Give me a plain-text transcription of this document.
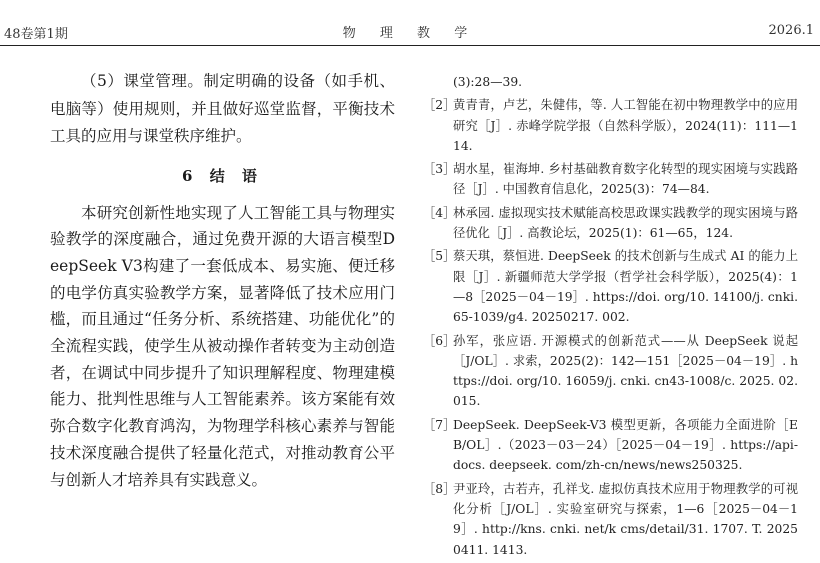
48卷第1期	物 理 教 学	2026.1

（5）课堂管理。制定明确的设备（如手机、电脑等）使用规则，并且做好巡堂监督，平衡技术工具的应用与课堂秩序维护。

6 结 语

本研究创新性地实现了人工智能工具与物理实验教学的深度融合，通过免费开源的大语言模型DeepSeek V3构建了一套低成本、易实施、便迁移的电学仿真实验教学方案，显著降低了技术应用门槛，而且通过“任务分析、系统搭建、功能优化”的全流程实践，使学生从被动操作者转变为主动创造者，在调试中同步提升了知识理解程度、物理建模能力、批判性思维与人工智能素养。该方案能有效弥合数字化教育鸿沟，为物理学科核心素养与智能技术深度融合提供了轻量化范式，对推动教育公平与创新人才培养具有实践意义。

(3):28—39.
［2］
黄青青，卢艺，朱健伟，等. 人工智能在初中物理教学中的应用研究［J］. 赤峰学院学报（自然科学版），2024(11)：111—114.
［3］
胡水星，崔海坤. 乡村基础教育数字化转型的现实困境与实践路径［J］. 中国教育信息化，2025(3)：74—84.
［4］
林承园. 虚拟现实技术赋能高校思政课实践教学的现实困境与路径优化［J］. 高教论坛，2025(1)：61—65，124.
［5］
蔡天琪，蔡恒进. DeepSeek 的技术创新与生成式 AI 的能力上限［J］. 新疆师范大学学报（哲学社会科学版），2025(4)：1—8［2025－04－19］. https://doi. org/10. 14100/j. cnki. 65-1039/g4. 20250217. 002.
［6］
孙军，张应语. 开源模式的创新范式——从 DeepSeek 说起［J/OL］. 求索，2025(2)：142—151［2025－04－19］. https://doi. org/10. 16059/j. cnki. cn43-1008/c. 2025. 02. 015.
［7］
DeepSeek. DeepSeek-V3 模型更新，各项能力全面进阶［EB/OL］.（2023－03－24）［2025－04－19］. https://api-docs. deepseek. com/zh-cn/news/news250325.
［8］
尹亚玲，古若卉，孔祥戈. 虚拟仿真技术应用于物理教学的可视化分析［J/OL］. 实验室研究与探索，1—6［2025－04－19］. http://kns. cnki. net/k cms/detail/31. 1707. T. 20250411. 1413.
